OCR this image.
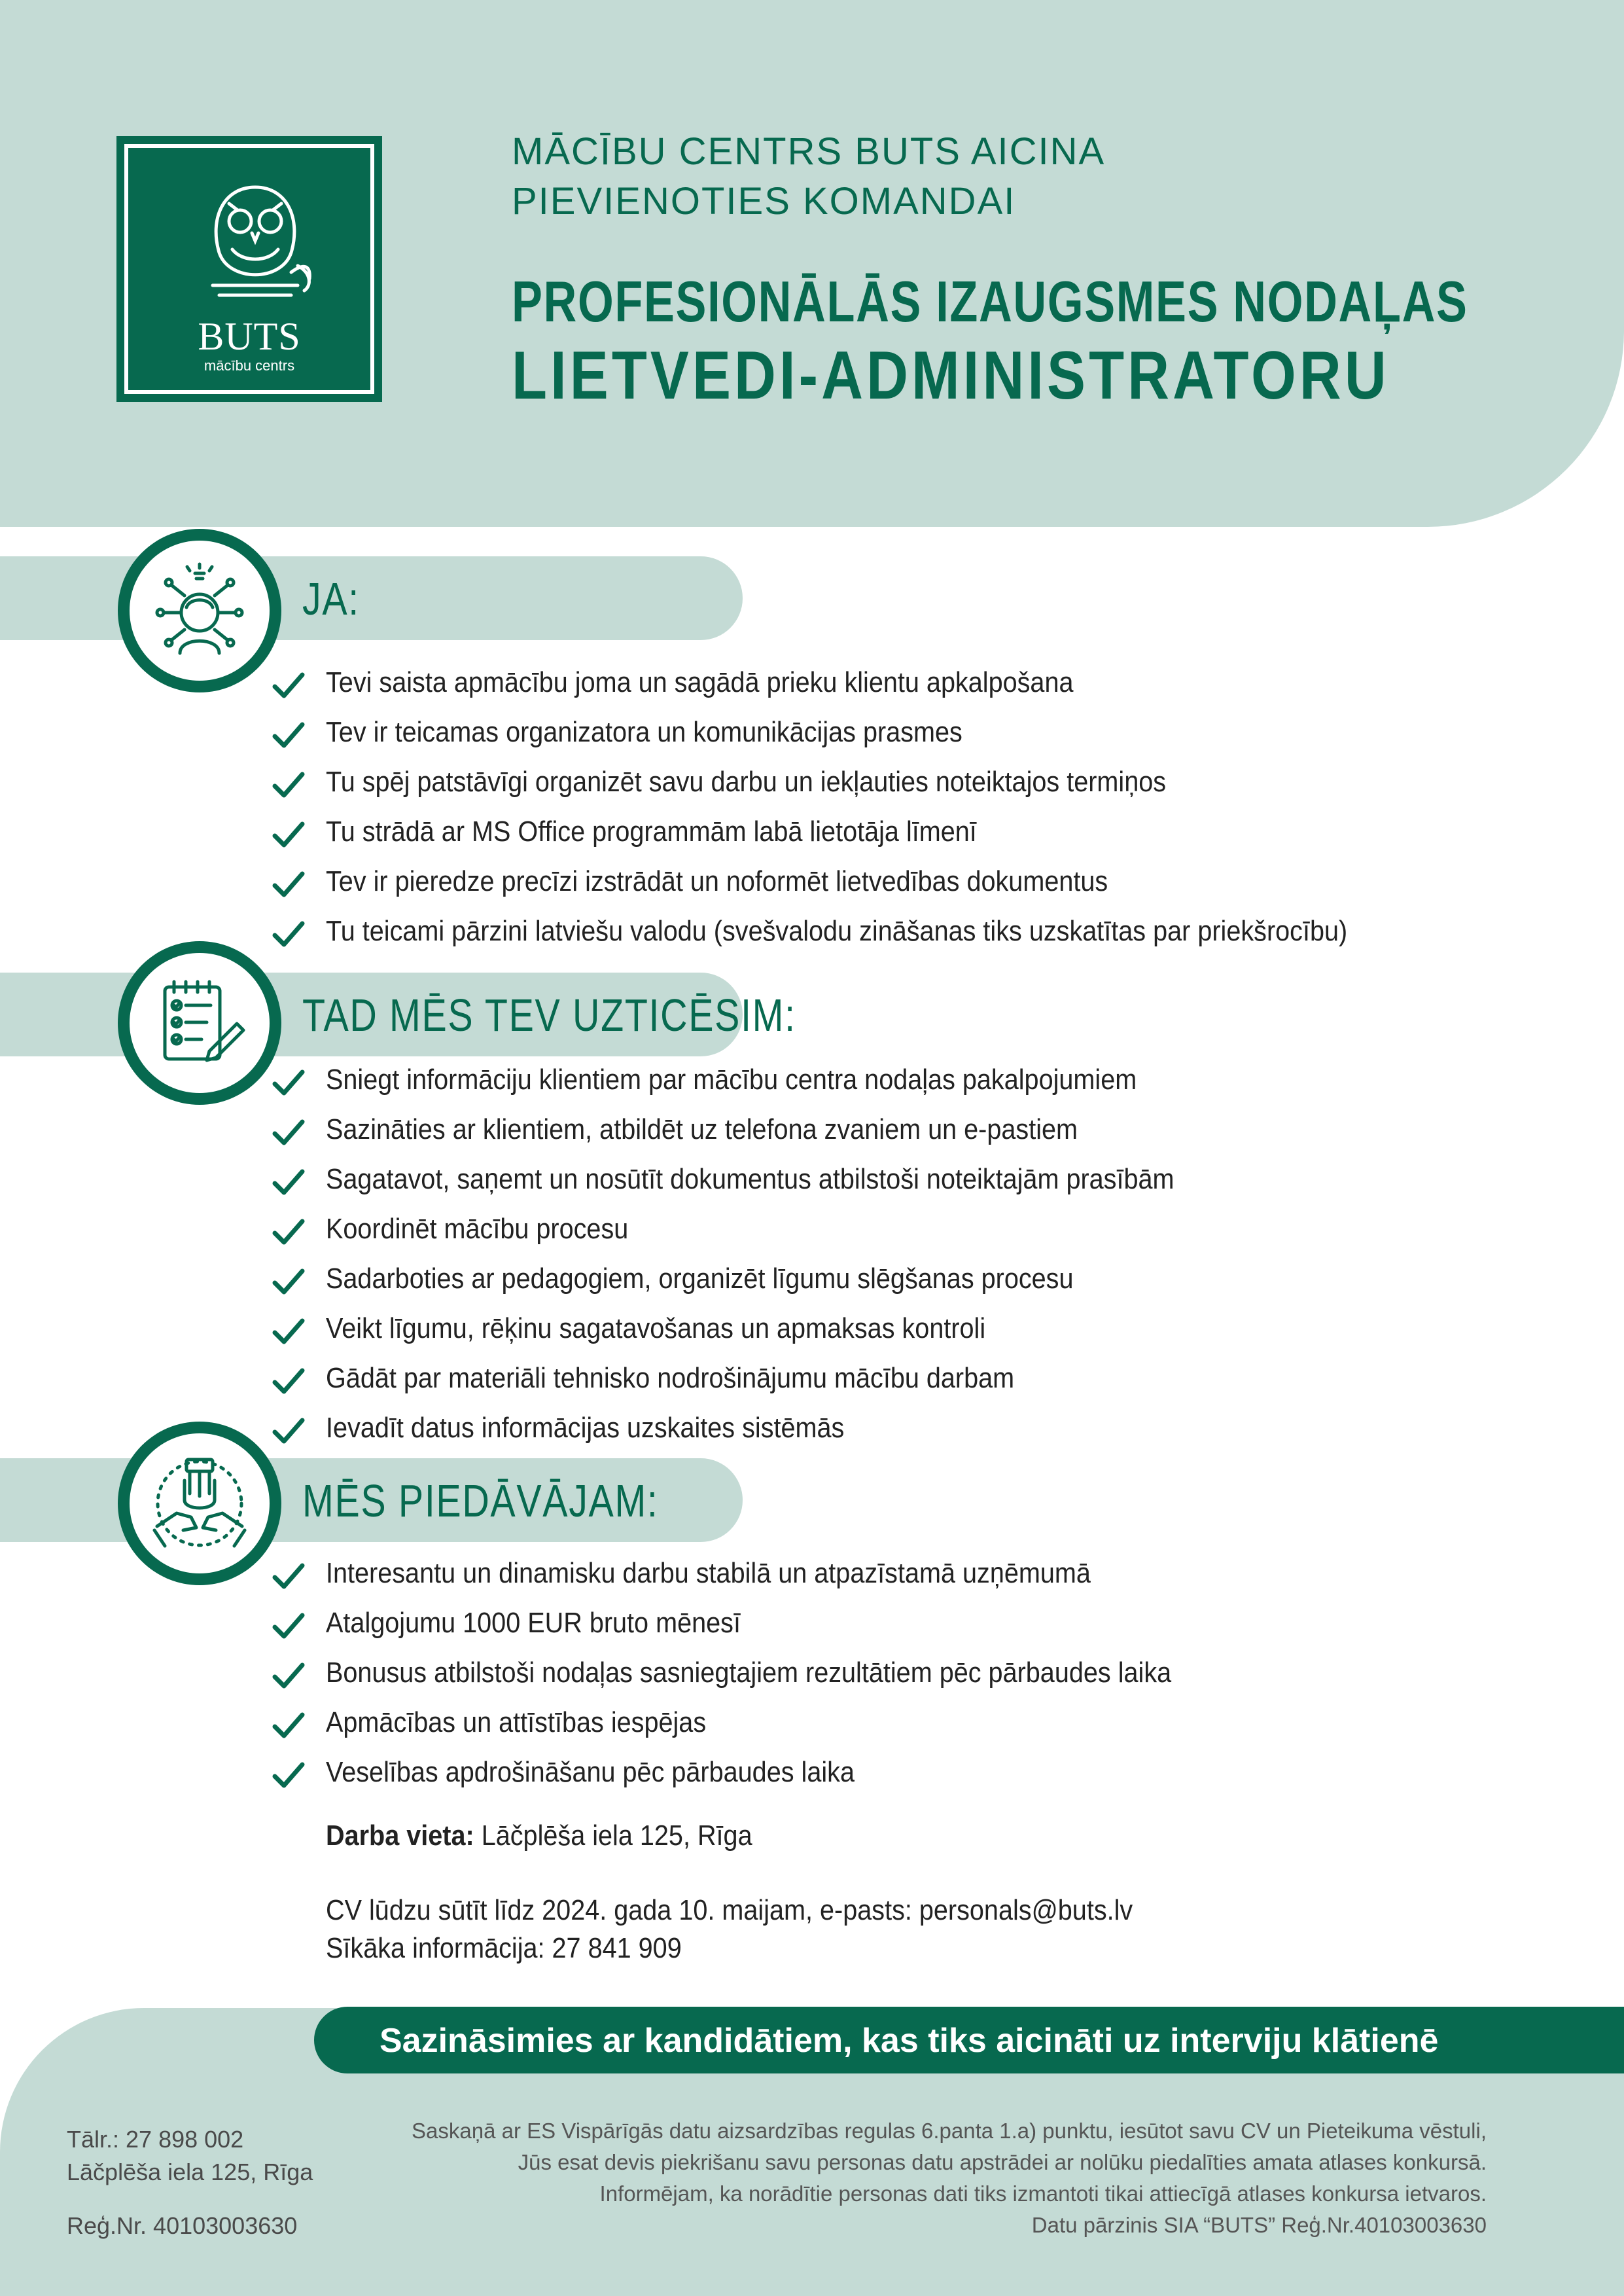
BUTS
mācību centrs
MĀCĪBU CENTRS BUTS AICINA
PIEVIENOTIES KOMANDAI
PROFESIONĀLĀS IZAUGSMES NODAĻAS
LIETVEDI-ADMINISTRATORU
JA:
Tevi saista apmācību joma un sagādā prieku klientu apkalpošana
Tev ir teicamas organizatora un komunikācijas prasmes
Tu spēj patstāvīgi organizēt savu darbu un iekļauties noteiktajos termiņos
Tu strādā ar MS Office programmām labā lietotāja līmenī
Tev ir pieredze precīzi izstrādāt un noformēt lietvedības dokumentus
Tu teicami pārzini latviešu valodu (svešvalodu zināšanas tiks uzskatītas par priekšrocību)
TAD MĒS TEV UZTICĒSIM:
Sniegt informāciju klientiem par mācību centra nodaļas pakalpojumiem
Sazināties ar klientiem, atbildēt uz telefona zvaniem un e-pastiem
Sagatavot, saņemt un nosūtīt dokumentus atbilstoši noteiktajām prasībām
Koordinēt mācību procesu
Sadarboties ar pedagogiem, organizēt līgumu slēgšanas procesu
Veikt līgumu, rēķinu sagatavošanas un apmaksas kontroli
Gādāt par materiāli tehnisko nodrošinājumu mācību darbam
Ievadīt datus informācijas uzskaites sistēmās
MĒS PIEDĀVĀJAM:
Interesantu un dinamisku darbu stabilā un atpazīstamā uzņēmumā
Atalgojumu 1000 EUR bruto mēnesī
Bonusus atbilstoši nodaļas sasniegtajiem rezultātiem pēc pārbaudes laika
Apmācības un attīstības iespējas
Veselības apdrošināšanu pēc pārbaudes laika
Darba vieta: Lāčplēša iela 125, Rīga
CV lūdzu sūtīt līdz 2024. gada 10. maijam, e-pasts: personals@buts.lv
Sīkāka informācija: 27 841 909
Sazināsimies ar kandidātiem, kas tiks aicināti uz interviju klātienē
Tālr.: 27 898 002
Lāčplēša iela 125, Rīga
Reģ.Nr. 40103003630
Saskaņā ar ES Vispārīgās datu aizsardzības regulas 6.panta 1.a) punktu, iesūtot savu CV un Pieteikuma vēstuli,
Jūs esat devis piekrišanu savu personas datu apstrādei ar nolūku piedalīties amata atlases konkursā.
Informējam, ka norādītie personas dati tiks izmantoti tikai attiecīgā atlases konkursa ietvaros.
Datu pārzinis SIA “BUTS” Reģ.Nr.40103003630
